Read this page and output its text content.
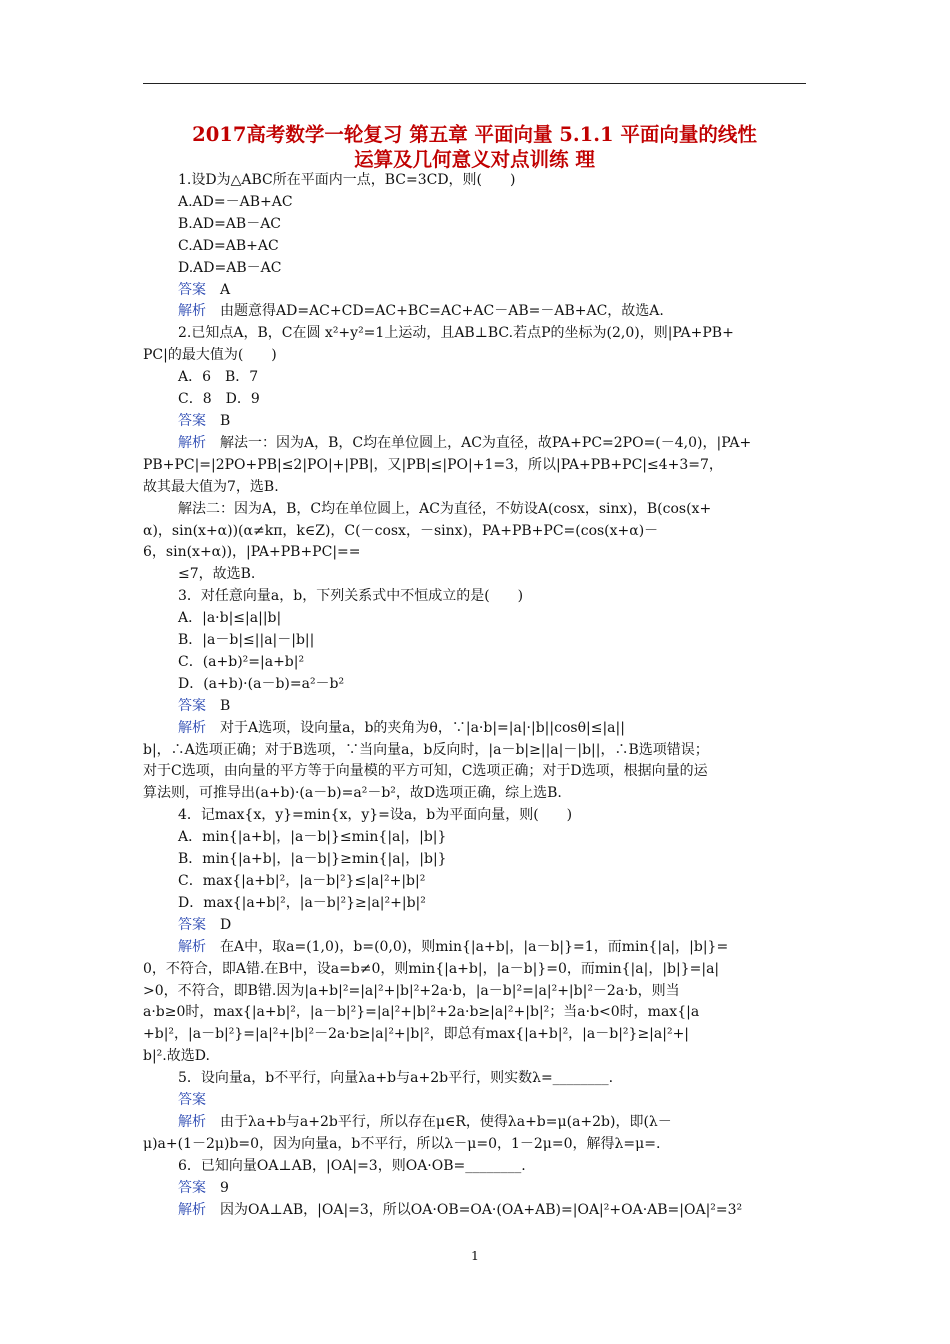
2017高考数学一轮复习 第五章 平面向量 5.1.1 平面向量的线性
运算及几何意义对点训练 理
1.设D为△ABC所在平面内一点，BC=3CD，则(　　)
A.AD=－AB+AC
B.AD=AB－AC
C.AD=AB+AC
D.AD=AB－AC
答案　 A
解析　 由题意得AD=AC+CD=AC+BC=AC+AC－AB=－AB+AC，故选A.
2.已知点A，B，C在圆 x²+y²=1上运动，且AB⊥BC.若点P的坐标为(2,0)，则|PA+PB+
PC|的最大值为(　　)
A．6　B．7
C．8　D．9
答案　 B
解析　 解法一：因为A，B，C均在单位圆上，AC为直径，故PA+PC=2PO=(－4,0)，|PA+
PB+PC|=|2PO+PB|≤2|PO|+|PB|，又|PB|≤|PO|+1=3，所以|PA+PB+PC|≤4+3=7，
故其最大值为7，选B.
解法二：因为A，B，C均在单位圆上，AC为直径，不妨设A(cosx，sinx)，B(cos(x+
α)，sin(x+α))(α≠kπ，k∈Z)，C(－cosx，－sinx)，PA+PB+PC=(cos(x+α)－
6，sin(x+α))，|PA+PB+PC|==
≤7，故选B.
3．对任意向量a，b，下列关系式中不恒成立的是(　　)
A．|a·b|≤|a||b|
B．|a－b|≤||a|－|b||
C．(a+b)²=|a+b|²
D．(a+b)·(a－b)=a²－b²
答案　 B
解析　 对于A选项，设向量a，b的夹角为θ，∵|a·b|=|a|·|b||cosθ|≤|a||
b|，∴A选项正确；对于B选项，∵当向量a，b反向时，|a－b|≥||a|－|b||，∴B选项错误；
对于C选项，由向量的平方等于向量模的平方可知，C选项正确；对于D选项，根据向量的运
算法则，可推导出(a+b)·(a－b)=a²－b²，故D选项正确，综上选B.
4．记max{x，y}=min{x，y}=设a，b为平面向量，则(　　)
A．min{|a+b|，|a－b|}≤min{|a|，|b|}
B．min{|a+b|，|a－b|}≥min{|a|，|b|}
C．max{|a+b|²，|a－b|²}≤|a|²+|b|²
D．max{|a+b|²，|a－b|²}≥|a|²+|b|²
答案　 D
解析　 在A中，取a=(1,0)，b=(0,0)，则min{|a+b|，|a－b|}=1，而min{|a|，|b|}=
0，不符合，即A错.在B中，设a=b≠0，则min{|a+b|，|a－b|}=0，而min{|a|，|b|}=|a|
>0，不符合，即B错.因为|a+b|²=|a|²+|b|²+2a·b，|a－b|²=|a|²+|b|²－2a·b，则当
a·b≥0时，max{|a+b|²，|a－b|²}=|a|²+|b|²+2a·b≥|a|²+|b|²；当a·b<0时，max{|a
+b|²，|a－b|²}=|a|²+|b|²－2a·b≥|a|²+|b|²，即总有max{|a+b|²，|a－b|²}≥|a|²+|
b|².故选D.
5．设向量a，b不平行，向量λa+b与a+2b平行，则实数λ=________.
答案　
解析　 由于λa+b与a+2b平行，所以存在μ∈R，使得λa+b=μ(a+2b)，即(λ－
μ)a+(1－2μ)b=0，因为向量a，b不平行，所以λ－μ=0，1－2μ=0，解得λ=μ=.
6．已知向量OA⊥AB，|OA|=3，则OA·OB=________.
答案　 9
解析　 因为OA⊥AB，|OA|=3，所以OA·OB=OA·(OA+AB)=|OA|²+OA·AB=|OA|²=3²
1
